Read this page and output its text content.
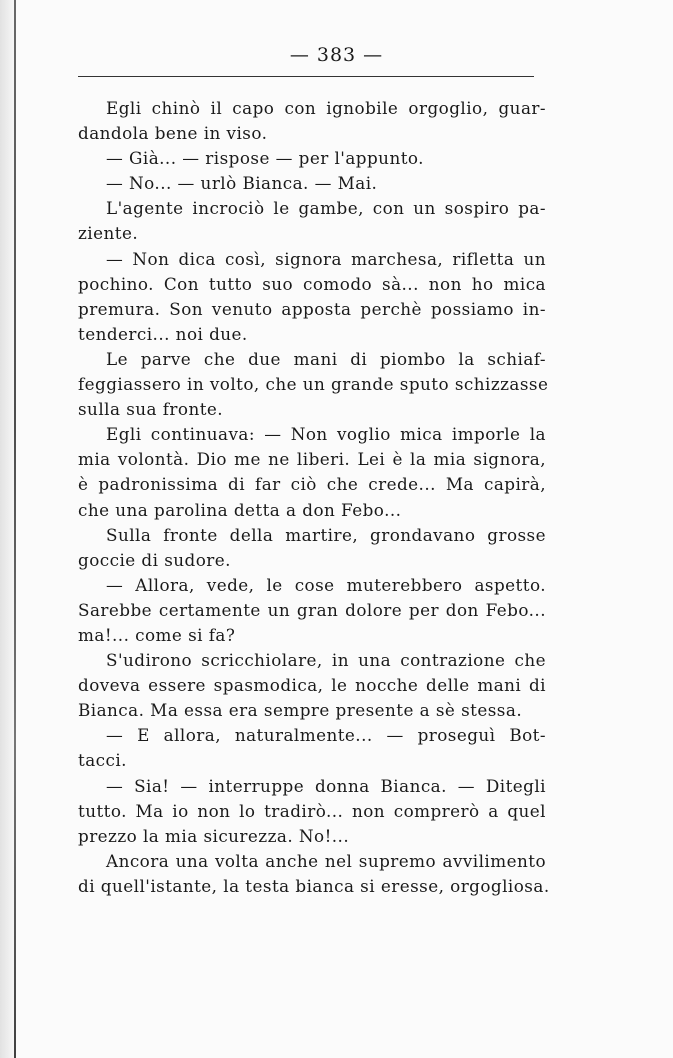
— 383 —
Egli chinò il capo con ignobile orgoglio, guar-
dandola bene in viso.
— Già... — rispose — per l'appunto.
— No... — urlò Bianca. — Mai.
L'agente incrociò le gambe, con un sospiro pa-
ziente.
— Non dica così, signora marchesa, rifletta un
pochino. Con tutto suo comodo sà... non ho mica
premura. Son venuto apposta perchè possiamo in-
tenderci... noi due.
Le parve che due mani di piombo la schiaf-
feggiassero in volto, che un grande sputo schizzasse
sulla sua fronte.
Egli continuava: — Non voglio mica imporle la
mia volontà. Dio me ne liberi. Lei è la mia signora,
è padronissima di far ciò che crede... Ma capirà,
che una parolina detta a don Febo...
Sulla fronte della martire, grondavano grosse
goccie di sudore.
— Allora, vede, le cose muterebbero aspetto.
Sarebbe certamente un gran dolore per don Febo...
ma!... come si fa?
S'udirono scricchiolare, in una contrazione che
doveva essere spasmodica, le nocche delle mani di
Bianca. Ma essa era sempre presente a sè stessa.
— E allora, naturalmente... — proseguì Bot-
tacci.
— Sia! — interruppe donna Bianca. — Ditegli
tutto. Ma io non lo tradirò... non comprerò a quel
prezzo la mia sicurezza. No!...
Ancora una volta anche nel supremo avvilimento
di quell'istante, la testa bianca si eresse, orgogliosa.
